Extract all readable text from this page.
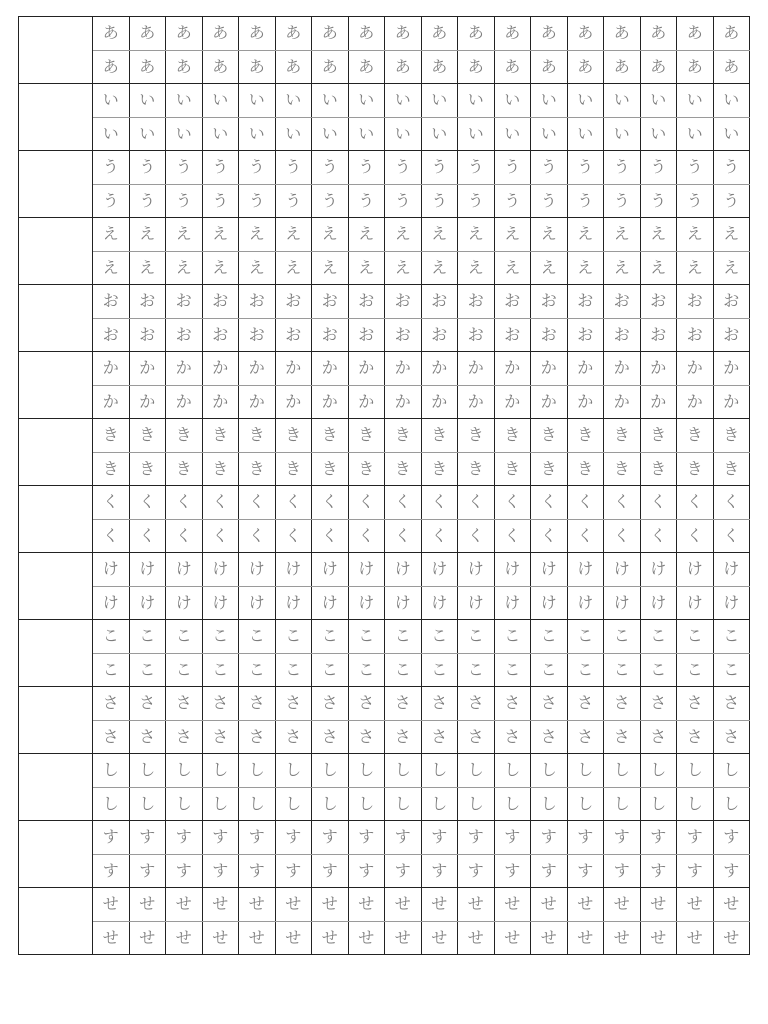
	あ	あ	あ	あ	あ	あ	あ	あ	あ	あ	あ	あ	あ	あ	あ	あ	あ	あ
	あ	あ	あ	あ	あ	あ	あ	あ	あ	あ	あ	あ	あ	あ	あ	あ	あ	あ
	い	い	い	い	い	い	い	い	い	い	い	い	い	い	い	い	い	い
	い	い	い	い	い	い	い	い	い	い	い	い	い	い	い	い	い	い
	う	う	う	う	う	う	う	う	う	う	う	う	う	う	う	う	う	う
	う	う	う	う	う	う	う	う	う	う	う	う	う	う	う	う	う	う
	え	え	え	え	え	え	え	え	え	え	え	え	え	え	え	え	え	え
	え	え	え	え	え	え	え	え	え	え	え	え	え	え	え	え	え	え
	お	お	お	お	お	お	お	お	お	お	お	お	お	お	お	お	お	お
	お	お	お	お	お	お	お	お	お	お	お	お	お	お	お	お	お	お
	か	か	か	か	か	か	か	か	か	か	か	か	か	か	か	か	か	か
	か	か	か	か	か	か	か	か	か	か	か	か	か	か	か	か	か	か
	き	き	き	き	き	き	き	き	き	き	き	き	き	き	き	き	き	き
	き	き	き	き	き	き	き	き	き	き	き	き	き	き	き	き	き	き
	く	く	く	く	く	く	く	く	く	く	く	く	く	く	く	く	く	く
	く	く	く	く	く	く	く	く	く	く	く	く	く	く	く	く	く	く
	け	け	け	け	け	け	け	け	け	け	け	け	け	け	け	け	け	け
	け	け	け	け	け	け	け	け	け	け	け	け	け	け	け	け	け	け
	こ	こ	こ	こ	こ	こ	こ	こ	こ	こ	こ	こ	こ	こ	こ	こ	こ	こ
	こ	こ	こ	こ	こ	こ	こ	こ	こ	こ	こ	こ	こ	こ	こ	こ	こ	こ
	さ	さ	さ	さ	さ	さ	さ	さ	さ	さ	さ	さ	さ	さ	さ	さ	さ	さ
	さ	さ	さ	さ	さ	さ	さ	さ	さ	さ	さ	さ	さ	さ	さ	さ	さ	さ
	し	し	し	し	し	し	し	し	し	し	し	し	し	し	し	し	し	し
	し	し	し	し	し	し	し	し	し	し	し	し	し	し	し	し	し	し
	す	す	す	す	す	す	す	す	す	す	す	す	す	す	す	す	す	す
	す	す	す	す	す	す	す	す	す	す	す	す	す	す	す	す	す	す
	せ	せ	せ	せ	せ	せ	せ	せ	せ	せ	せ	せ	せ	せ	せ	せ	せ	せ
	せ	せ	せ	せ	せ	せ	せ	せ	せ	せ	せ	せ	せ	せ	せ	せ	せ	せ
